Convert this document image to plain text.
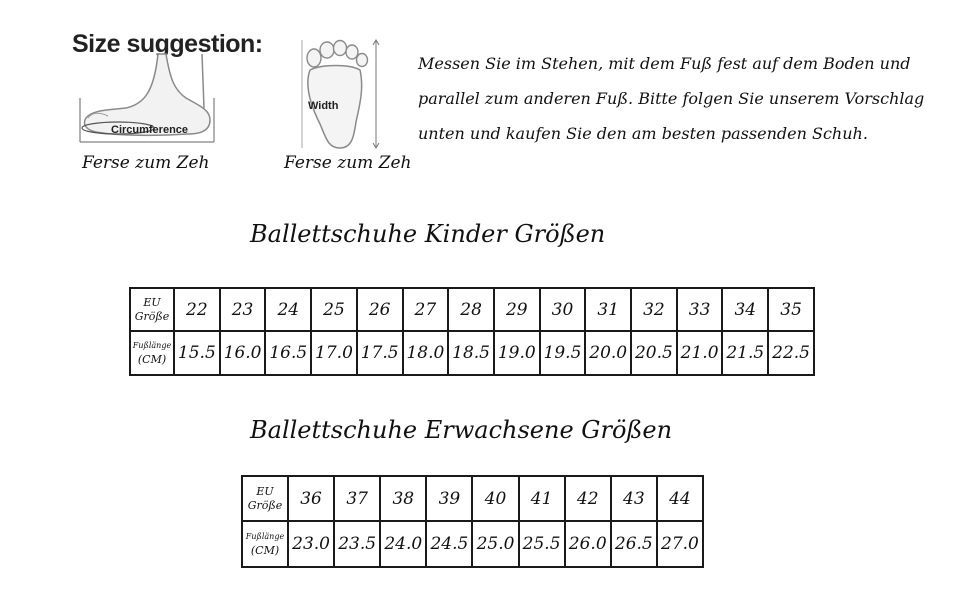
Size suggestion:
Circumference
Ferse zum Zeh
Width
Ferse zum Zeh
Messen Sie im Stehen, mit dem Fuß fest auf dem Boden und
parallel zum anderen Fuß. Bitte folgen Sie unserem Vorschlag
unten und kaufen Sie den am besten passenden Schuh.
Ballettschuhe Kinder Größen
EU
Größe	22	23	24	25	26	27	28	29	30	31	32	33	34	35

Fußlänge
(CM)	15.5	16.0	16.5	17.0	17.5	18.0	18.5	19.0	19.5	20.0	20.5	21.0	21.5	22.5
Ballettschuhe Erwachsene Größen
EU
Größe	36	37	38	39	40	41	42	43	44

Fußlänge
(CM)	23.0	23.5	24.0	24.5	25.0	25.5	26.0	26.5	27.0
